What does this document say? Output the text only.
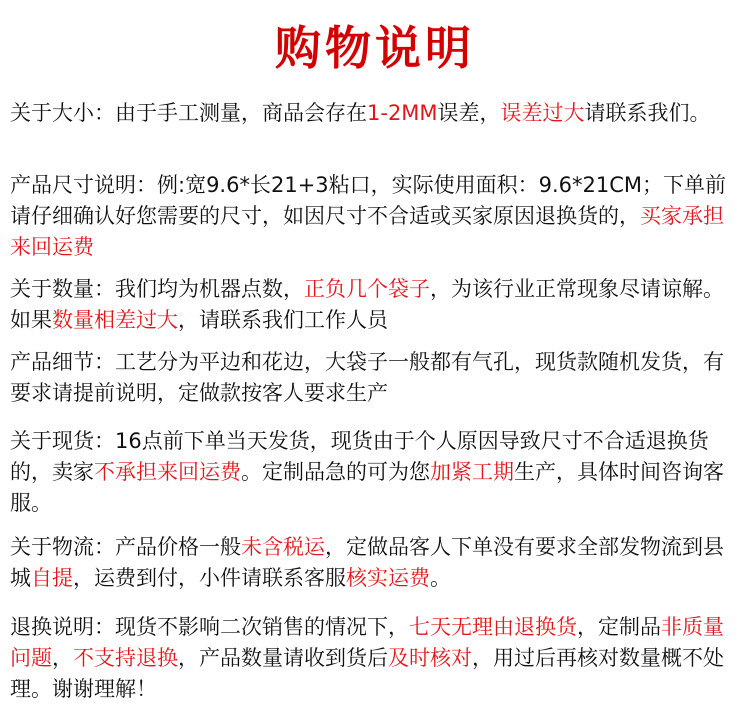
购物说明
关于大小：由于手工测量，商品会存在1-2MM误差，误差过大请联系我们。
产品尺寸说明：例:宽9.6*长21+3粘口，实际使用面积：9.6*21CM；下单前请仔细确认好您需要的尺寸，如因尺寸不合适或买家原因退换货的，买家承担来回运费
关于数量：我们均为机器点数，正负几个袋子，为该行业正常现象尽请谅解。如果数量相差过大，请联系我们工作人员
产品细节：工艺分为平边和花边，大袋子一般都有气孔，现货款随机发货，有要求请提前说明，定做款按客人要求生产
关于现货：16点前下单当天发货，现货由于个人原因导致尺寸不合适退换货的，卖家不承担来回运费。定制品急的可为您加紧工期生产，具体时间咨询客服。
关于物流：产品价格一般未含税运，定做品客人下单没有要求全部发物流到县城自提，运费到付，小件请联系客服核实运费。
退换说明：现货不影响二次销售的情况下，七天无理由退换货，定制品非质量问题，不支持退换，产品数量请收到货后及时核对，用过后再核对数量概不处理。谢谢理解！
